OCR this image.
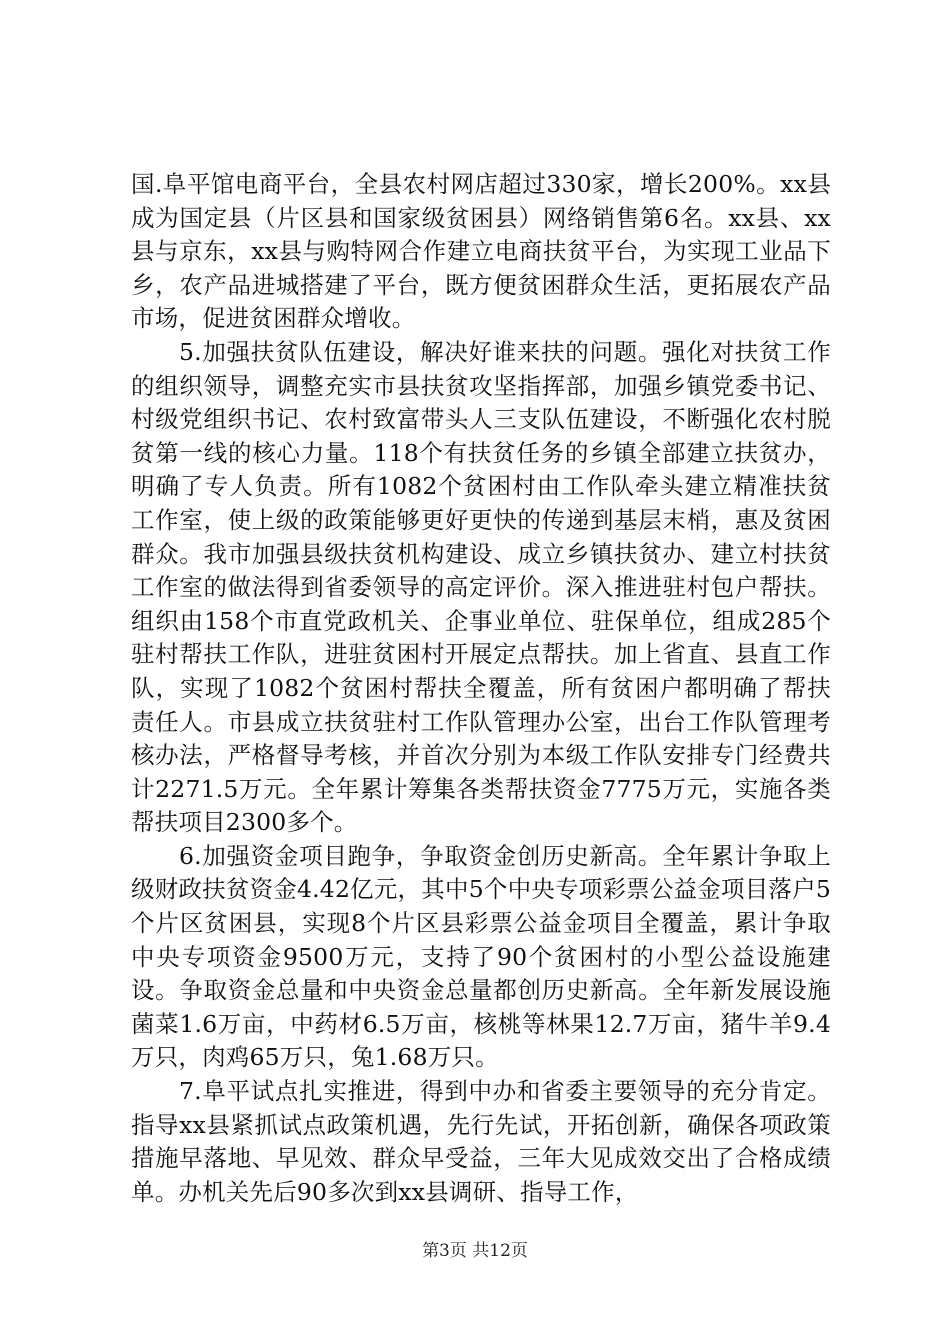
国.阜平馆电商平台，全县农村网店超过330家，增长200%。xx县成为国定县（片区县和国家级贫困县）网络销售第6名。xx县、xx县与京东，xx县与购特网合作建立电商扶贫平台，为实现工业品下乡，农产品进城搭建了平台，既方便贫困群众生活，更拓展农产品市场，促进贫困群众增收。

5.加强扶贫队伍建设，解决好谁来扶的问题。强化对扶贫工作的组织领导，调整充实市县扶贫攻坚指挥部，加强乡镇党委书记、村级党组织书记、农村致富带头人三支队伍建设，不断强化农村脱贫第一线的核心力量。118个有扶贫任务的乡镇全部建立扶贫办，明确了专人负责。所有1082个贫困村由工作队牵头建立精准扶贫工作室，使上级的政策能够更好更快的传递到基层末梢，惠及贫困群众。我市加强县级扶贫机构建设、成立乡镇扶贫办、建立村扶贫工作室的做法得到省委领导的高定评价。深入推进驻村包户帮扶。组织由158个市直党政机关、企事业单位、驻保单位，组成285个驻村帮扶工作队，进驻贫困村开展定点帮扶。加上省直、县直工作队，实现了1082个贫困村帮扶全覆盖，所有贫困户都明确了帮扶责任人。市县成立扶贫驻村工作队管理办公室，出台工作队管理考核办法，严格督导考核，并首次分别为本级工作队安排专门经费共计2271.5万元。全年累计筹集各类帮扶资金7775万元，实施各类帮扶项目2300多个。

6.加强资金项目跑争，争取资金创历史新高。全年累计争取上级财政扶贫资金4.42亿元，其中5个中央专项彩票公益金项目落户5个片区贫困县，实现8个片区县彩票公益金项目全覆盖，累计争取中央专项资金9500万元，支持了90个贫困村的小型公益设施建设。争取资金总量和中央资金总量都创历史新高。全年新发展设施菌菜1.6万亩，中药材6.5万亩，核桃等林果12.7万亩，猪牛羊9.4万只，肉鸡65万只，兔1.68万只。

7.阜平试点扎实推进，得到中办和省委主要领导的充分肯定。指导xx县紧抓试点政策机遇，先行先试，开拓创新，确保各项政策措施早落地、早见效、群众早受益，三年大见成效交出了合格成绩单。办机关先后90多次到xx县调研、指导工作，

第3页 共12页
